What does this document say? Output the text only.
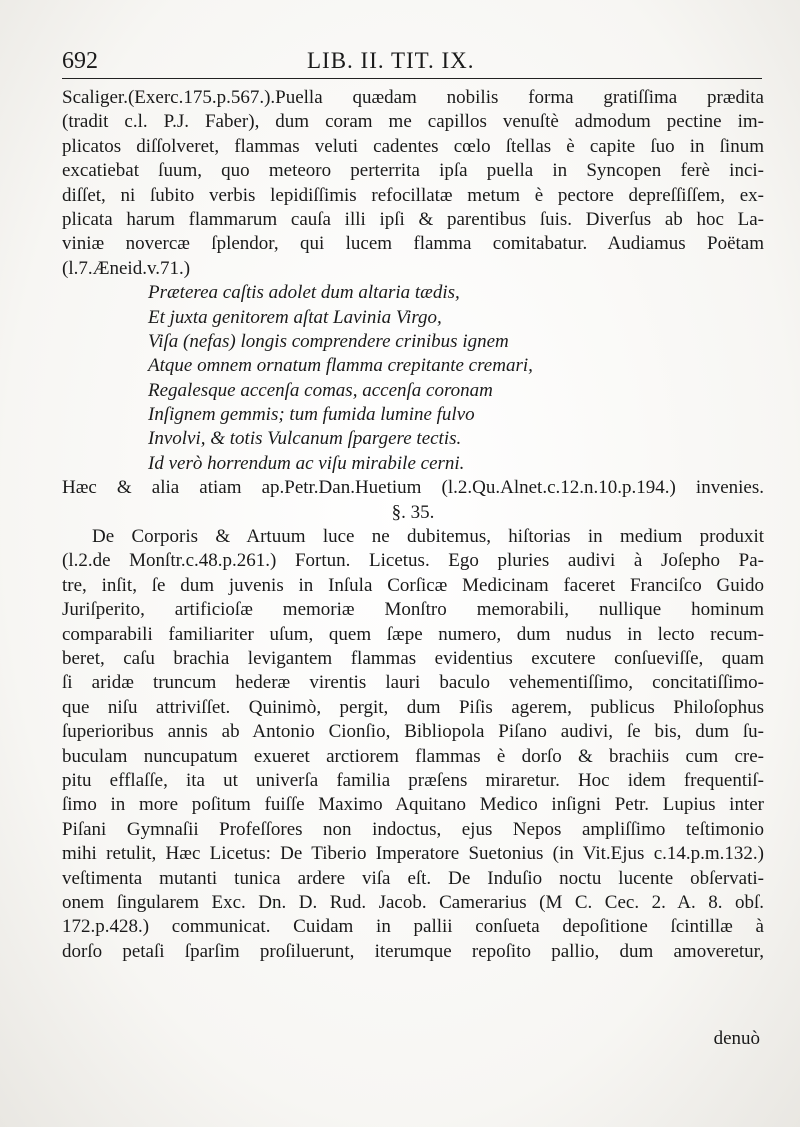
692	LIB. II. TIT. IX.
Scaliger.(Exerc.175.p.567.).Puella quædam nobilis forma gratiſſima prædita
(tradit c.l. P.J. Faber), dum coram me capillos venuſtè admodum pectine im-
plicatos diſſolveret, flammas veluti cadentes cœlo ſtellas è capite ſuo in ſinum
excatiebat ſuum, quo meteoro perterrita ipſa puella in Syncopen ferè inci-
diſſet, ni ſubito verbis lepidiſſimis refocillatæ metum è pectore depreſſiſſem, ex-
plicata harum flammarum cauſa illi ipſi & parentibus ſuis. Diverſus ab hoc La-
viniæ novercæ ſplendor, qui lucem flamma comitabatur. Audiamus Poëtam
(l.7.Æneid.v.71.)
Præterea caſtis adolet dum altaria tædis,
Et juxta genitorem aſtat Lavinia Virgo,
Viſa (nefas) longis comprendere crinibus ignem
Atque omnem ornatum flamma crepitante cremari,
Regalesque accenſa comas, accenſa coronam
Inſignem gemmis; tum fumida lumine fulvo
Involvi, & totis Vulcanum ſpargere tectis.
Id verò horrendum ac viſu mirabile cerni.
Hæc & alia atiam ap.Petr.Dan.Huetium (l.2.Qu.Alnet.c.12.n.10.p.194.) invenies.
§. 35.
De Corporis & Artuum luce ne dubitemus, hiſtorias in medium produxit
(l.2.de Monſtr.c.48.p.261.) Fortun. Licetus. Ego pluries audivi à Joſepho Pa-
tre, inſit, ſe dum juvenis in Inſula Corſicæ Medicinam faceret Franciſco Guido
Juriſperito, artificioſæ memoriæ Monſtro memorabili, nullique hominum
comparabili familiariter uſum, quem ſæpe numero, dum nudus in lecto recum-
beret, caſu brachia levigantem flammas evidentius excutere conſueviſſe, quam
ſi aridæ truncum hederæ virentis lauri baculo vehementiſſimo, concitatiſſimo-
que niſu attriviſſet. Quinimò, pergit, dum Piſis agerem, publicus Philoſophus
ſuperioribus annis ab Antonio Cionſio, Bibliopola Piſano audivi, ſe bis, dum ſu-
buculam nuncupatum exueret arctiorem flammas è dorſo & brachiis cum cre-
pitu efflaſſe, ita ut univerſa familia præſens miraretur. Hoc idem frequentiſ-
ſimo in more poſitum fuiſſe Maximo Aquitano Medico inſigni Petr. Lupius inter
Piſani Gymnaſii Profeſſores non indoctus, ejus Nepos ampliſſimo teſtimonio
mihi retulit, Hæc Licetus: De Tiberio Imperatore Suetonius (in Vit.Ejus c.14.p.m.132.)
veſtimenta mutanti tunica ardere viſa eſt. De Induſio noctu lucente obſervati-
onem ſingularem Exc. Dn. D. Rud. Jacob. Camerarius (M C. Cec. 2. A. 8. obſ.
172.p.428.) communicat. Cuidam in pallii conſueta depoſitione ſcintillæ à
dorſo petaſi ſparſim proſiluerunt, iterumque repoſito pallio, dum amoveretur,
denuò
